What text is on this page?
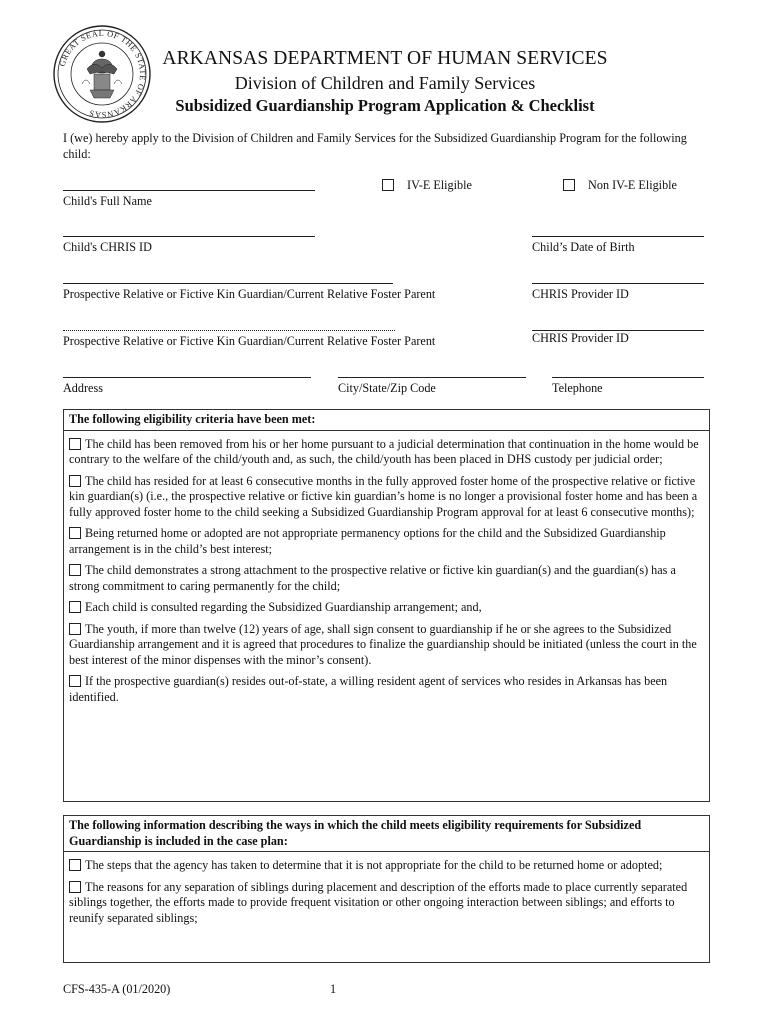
GREAT SEAL OF THE STATE OF ARKANSAS
ARKANSAS DEPARTMENT OF HUMAN SERVICES
Division of Children and Family Services
Subsidized Guardianship Program Application & Checklist
I (we) hereby apply to the Division of Children and Family Services for the Subsidized Guardianship Program for the following child:
Child's Full Name
IV-E Eligible	Non IV-E Eligible
Child's CHRIS ID	Child’s Date of Birth
Prospective Relative or Fictive Kin Guardian/Current Relative Foster Parent	CHRIS Provider ID
Prospective Relative or Fictive Kin Guardian/Current Relative Foster Parent	CHRIS Provider ID
Address	City/State/Zip Code	Telephone
The following eligibility criteria have been met:
The child has been removed from his or her home pursuant to a judicial determination that continuation in the home would be contrary to the welfare of the child/youth and, as such, the child/youth has been placed in DHS custody per judicial order;
The child has resided for at least 6 consecutive months in the fully approved foster home of the prospective relative or fictive kin guardian(s) (i.e., the prospective relative or fictive kin guardian’s home is no longer a provisional foster home and has been a fully approved foster home to the child seeking a Subsidized Guardianship Program approval for at least 6 consecutive months);
Being returned home or adopted are not appropriate permanency options for the child and the Subsidized Guardianship arrangement is in the child’s best interest;
The child demonstrates a strong attachment to the prospective relative or fictive kin guardian(s) and the guardian(s) has a strong commitment to caring permanently for the child;
Each child is consulted regarding the Subsidized Guardianship arrangement; and,
The youth, if more than twelve (12) years of age, shall sign consent to guardianship if he or she agrees to the Subsidized Guardianship arrangement and it is agreed that procedures to finalize the guardianship should be initiated (unless the court in the best interest of the minor dispenses with the minor’s consent).
If the prospective guardian(s) resides out-of-state, a willing resident agent of services who resides in Arkansas has been identified.
The following information describing the ways in which the child meets eligibility requirements for Subsidized Guardianship is included in the case plan:
The steps that the agency has taken to determine that it is not appropriate for the child to be returned home or adopted;
The reasons for any separation of siblings during placement and description of the efforts made to place currently separated siblings together, the efforts made to provide frequent visitation or other ongoing interaction between siblings; and efforts to reunify separated siblings;
CFS-435-A (01/2020)	1
